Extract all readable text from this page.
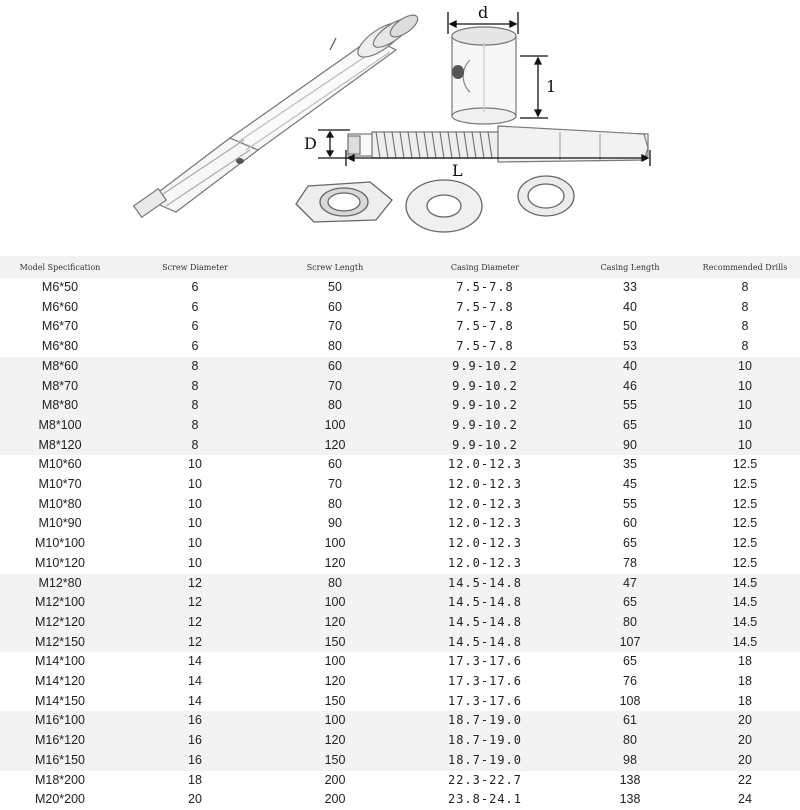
d
1
D
L
Model Specification	Screw Diameter	Screw Length	Casing Diameter	Casing Length	Recommended Drills
M6*50	6	50	7.5-7.8	33	8
M6*60	6	60	7.5-7.8	40	8
M6*70	6	70	7.5-7.8	50	8
M6*80	6	80	7.5-7.8	53	8
M8*60	8	60	9.9-10.2	40	10
M8*70	8	70	9.9-10.2	46	10
M8*80	8	80	9.9-10.2	55	10
M8*100	8	100	9.9-10.2	65	10
M8*120	8	120	9.9-10.2	90	10
M10*60	10	60	12.0-12.3	35	12.5
M10*70	10	70	12.0-12.3	45	12.5
M10*80	10	80	12.0-12.3	55	12.5
M10*90	10	90	12.0-12.3	60	12.5
M10*100	10	100	12.0-12.3	65	12.5
M10*120	10	120	12.0-12.3	78	12.5
M12*80	12	80	14.5-14.8	47	14.5
M12*100	12	100	14.5-14.8	65	14.5
M12*120	12	120	14.5-14.8	80	14.5
M12*150	12	150	14.5-14.8	107	14.5
M14*100	14	100	17.3-17.6	65	18
M14*120	14	120	17.3-17.6	76	18
M14*150	14	150	17.3-17.6	108	18
M16*100	16	100	18.7-19.0	61	20
M16*120	16	120	18.7-19.0	80	20
M16*150	16	150	18.7-19.0	98	20
M18*200	18	200	22.3-22.7	138	22
M20*200	20	200	23.8-24.1	138	24
